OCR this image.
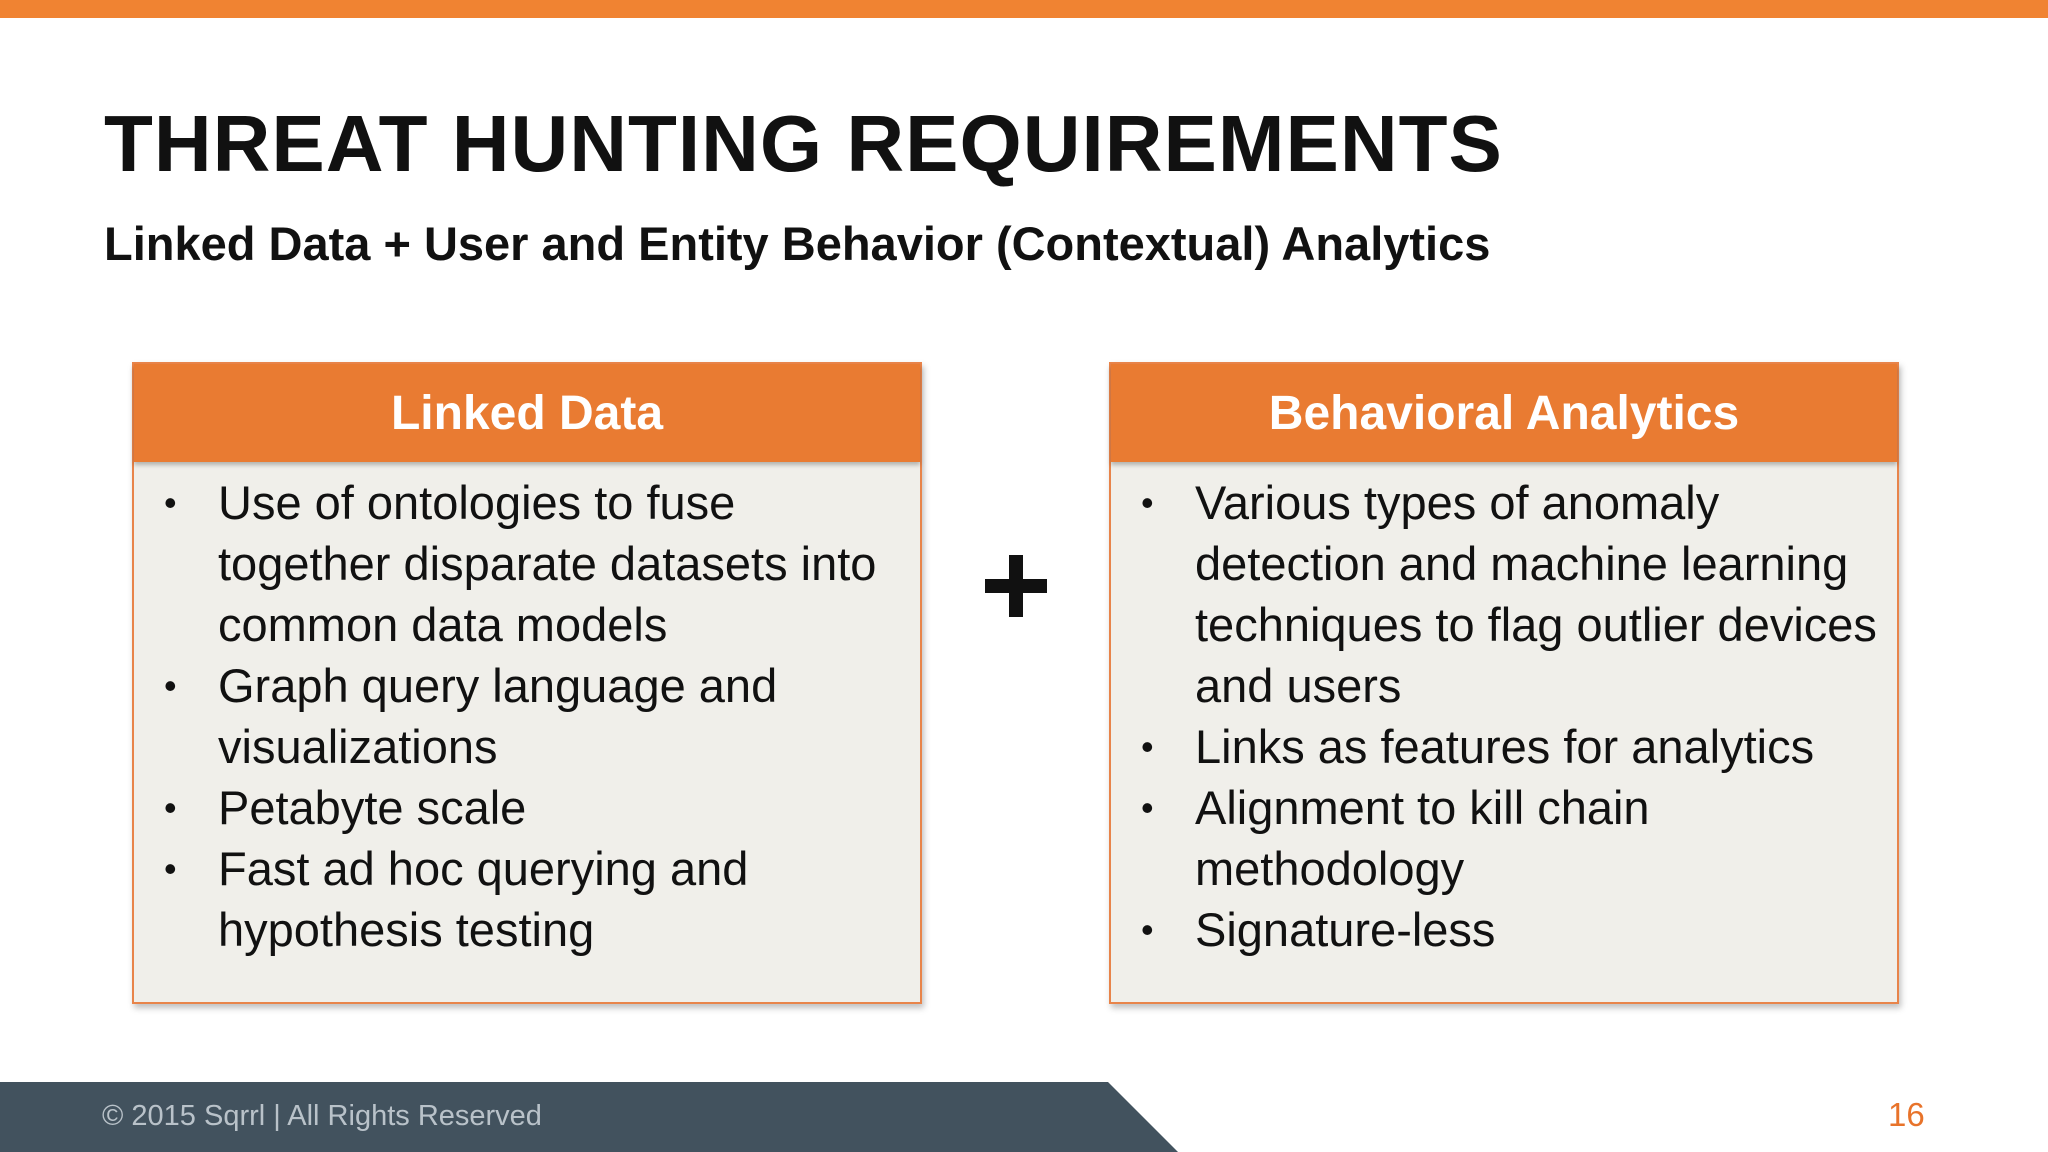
THREAT HUNTING REQUIREMENTS
Linked Data + User and Entity Behavior (Contextual) Analytics
Linked Data
• Use of ontologies to fuse together disparate datasets into common data models
• Graph query language and visualizations
• Petabyte scale
• Fast ad hoc querying and hypothesis testing
Behavioral Analytics
• Various types of anomaly detection and machine learning techniques to flag outlier devices and users
• Links as features for analytics
• Alignment to kill chain methodology
• Signature-less
© 2015 Sqrrl | All Rights Reserved	16
